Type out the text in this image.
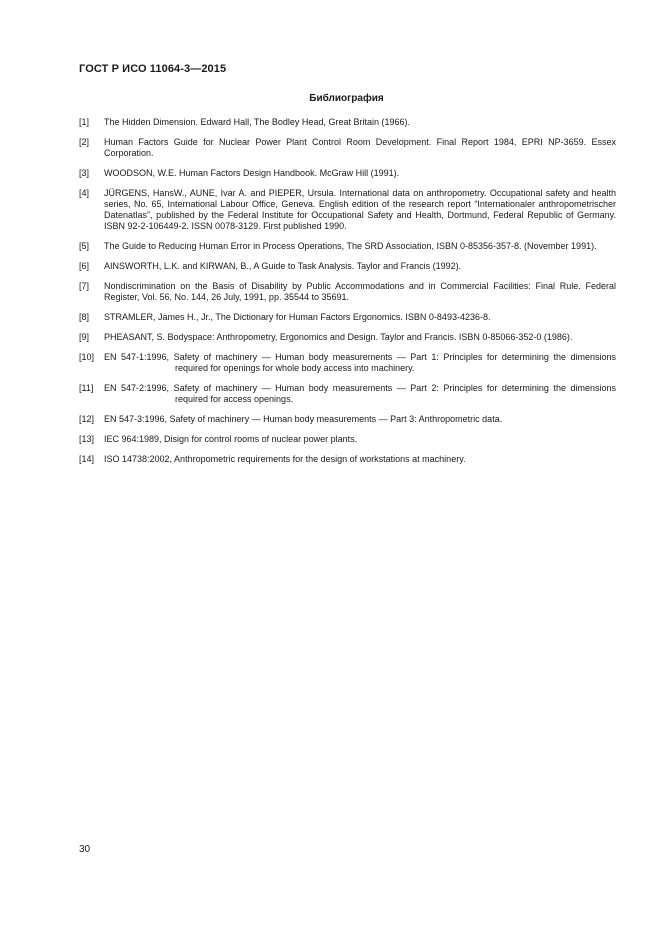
ГОСТ Р ИСО 11064-3—2015
Библиография
[1]	The Hidden Dimension. Edward Hall, The Bodley Head, Great Britain (1966).
[2]	Human Factors Guide for Nuclear Power Plant Control Room Development. Final Report 1984, EPRI NP-3659. Essex Corporation.
[3]	WOODSON, W.E. Human Factors Design Handbook. McGraw Hill (1991).
[4]	JÜRGENS, HansW., AUNE, Ivar A. and PIEPER, Ursula. International data on anthropometry. Occupational safety and health series, No. 65, International Labour Office, Geneva. English edition of the research report “Internationaler anthropometrischer Datenatlas”, published by the Federal Institute for Occupational Safety and Health, Dortmund, Federal Republic of Germany. ISBN 92-2-106449-2. ISSN 0078-3129. First published 1990.
[5]	The Guide to Reducing Human Error in Process Operations, The SRD Association, ISBN 0-85356-357-8. (November 1991).
[6]	AINSWORTH, L.K. and KIRWAN, B., A Guide to Task Analysis. Taylor and Francis (1992).
[7]	Nondiscrimination on the Basis of Disability by Public Accommodations and in Commercial Facilities: Final Rule. Federal Register, Vol. 56, No. 144, 26 July, 1991, pp. 35544 to 35691.
[8]	STRAMLER, James H., Jr., The Dictionary for Human Factors Ergonomics. ISBN 0-8493-4236-8.
[9]	PHEASANT, S. Bodyspace: Anthropometry, Ergonomics and Design. Taylor and Francis. ISBN 0-85066-352-0 (1986).
[10]	EN 547-1:1996, Safety of machinery — Human body measurements — Part 1: Principles for determining the dimensions required for openings for whole body access into machinery.
[11]	EN 547-2:1996, Safety of machinery — Human body measurements — Part 2: Principles for determining the dimensions required for access openings.
[12]	EN 547-3:1996, Safety of machinery — Human body measurements — Part 3: Anthropometric data.
[13]	IEC 964:1989, Disign for control rooms of nuclear power plants.
[14]	ISO 14738:2002, Anthropometric requirements for the design of workstations at machinery.
30
